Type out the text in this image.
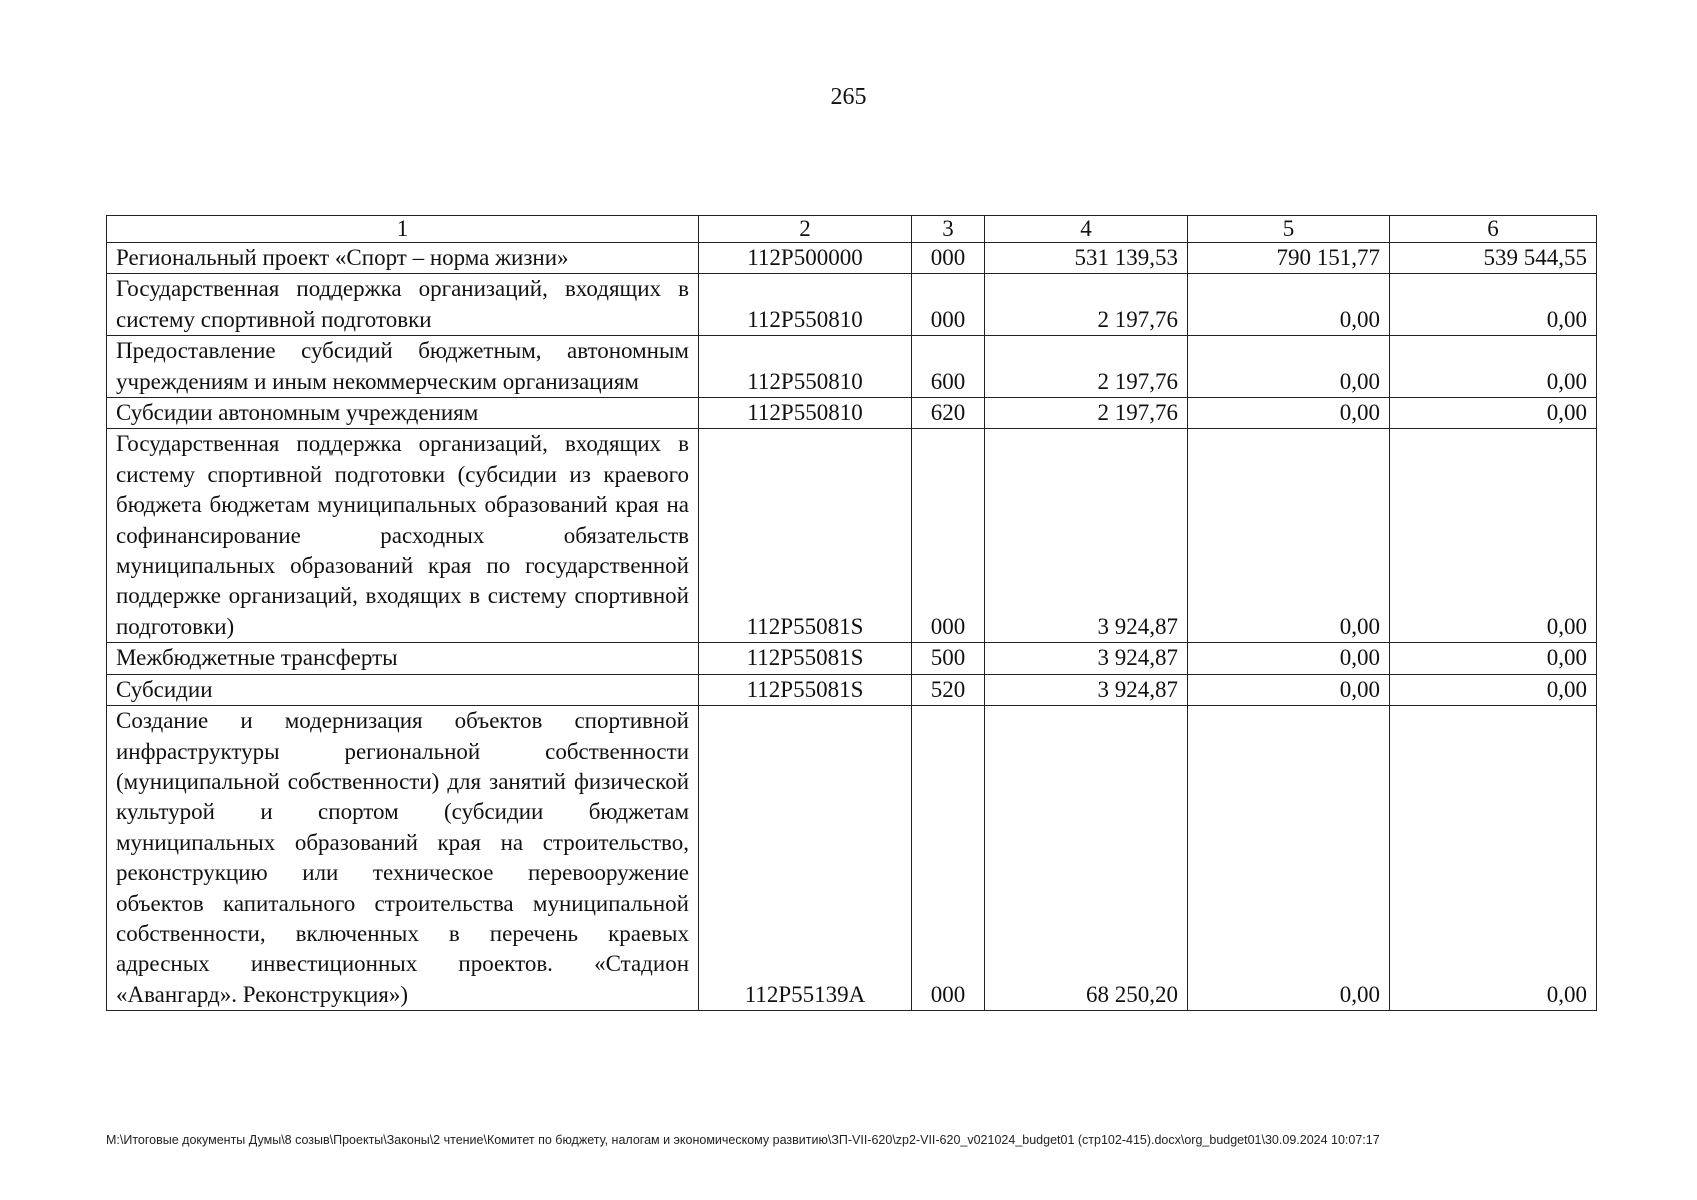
265
1	2	3	4	5	6
Региональный проект «Спорт – норма жизни»	112P500000	000	531 139,53	790 151,77	539 544,55
Государственная поддержка организаций, входящих в систему спортивной подготовки	112P550810	000	2 197,76	0,00	0,00
Предоставление субсидий бюджетным, автономным учреждениям и иным некоммерческим организациям	112P550810	600	2 197,76	0,00	0,00
Субсидии автономным учреждениям	112P550810	620	2 197,76	0,00	0,00
Государственная поддержка организаций, входящих в систему спортивной подготовки (субсидии из краевого бюджета бюджетам муниципальных образований края на софинансирование расходных обязательств муниципальных образований края по государственной поддержке организаций, входящих в систему спортивной подготовки)	112P55081S	000	3 924,87	0,00	0,00
Межбюджетные трансферты	112P55081S	500	3 924,87	0,00	0,00
Субсидии	112P55081S	520	3 924,87	0,00	0,00
Создание и модернизация объектов спортивной инфраструктуры региональной собственности (муниципальной собственности) для занятий физической культурой и спортом (субсидии бюджетам муниципальных образований края на строительство, реконструкцию или техническое перевооружение объектов капитального строительства муниципальной собственности, включенных в перечень краевых адресных инвестиционных проектов. «Стадион «Авангард». Реконструкция»)	112P55139A	000	68 250,20	0,00	0,00
M:\Итоговые документы Думы\8 созыв\Проекты\Законы\2 чтение\Комитет по бюджету, налогам и экономическому развитию\ЗП-VII-620\zp2-VII-620_v021024_budget01 (стр102-415).docx\org_budget01\30.09.2024 10:07:17
